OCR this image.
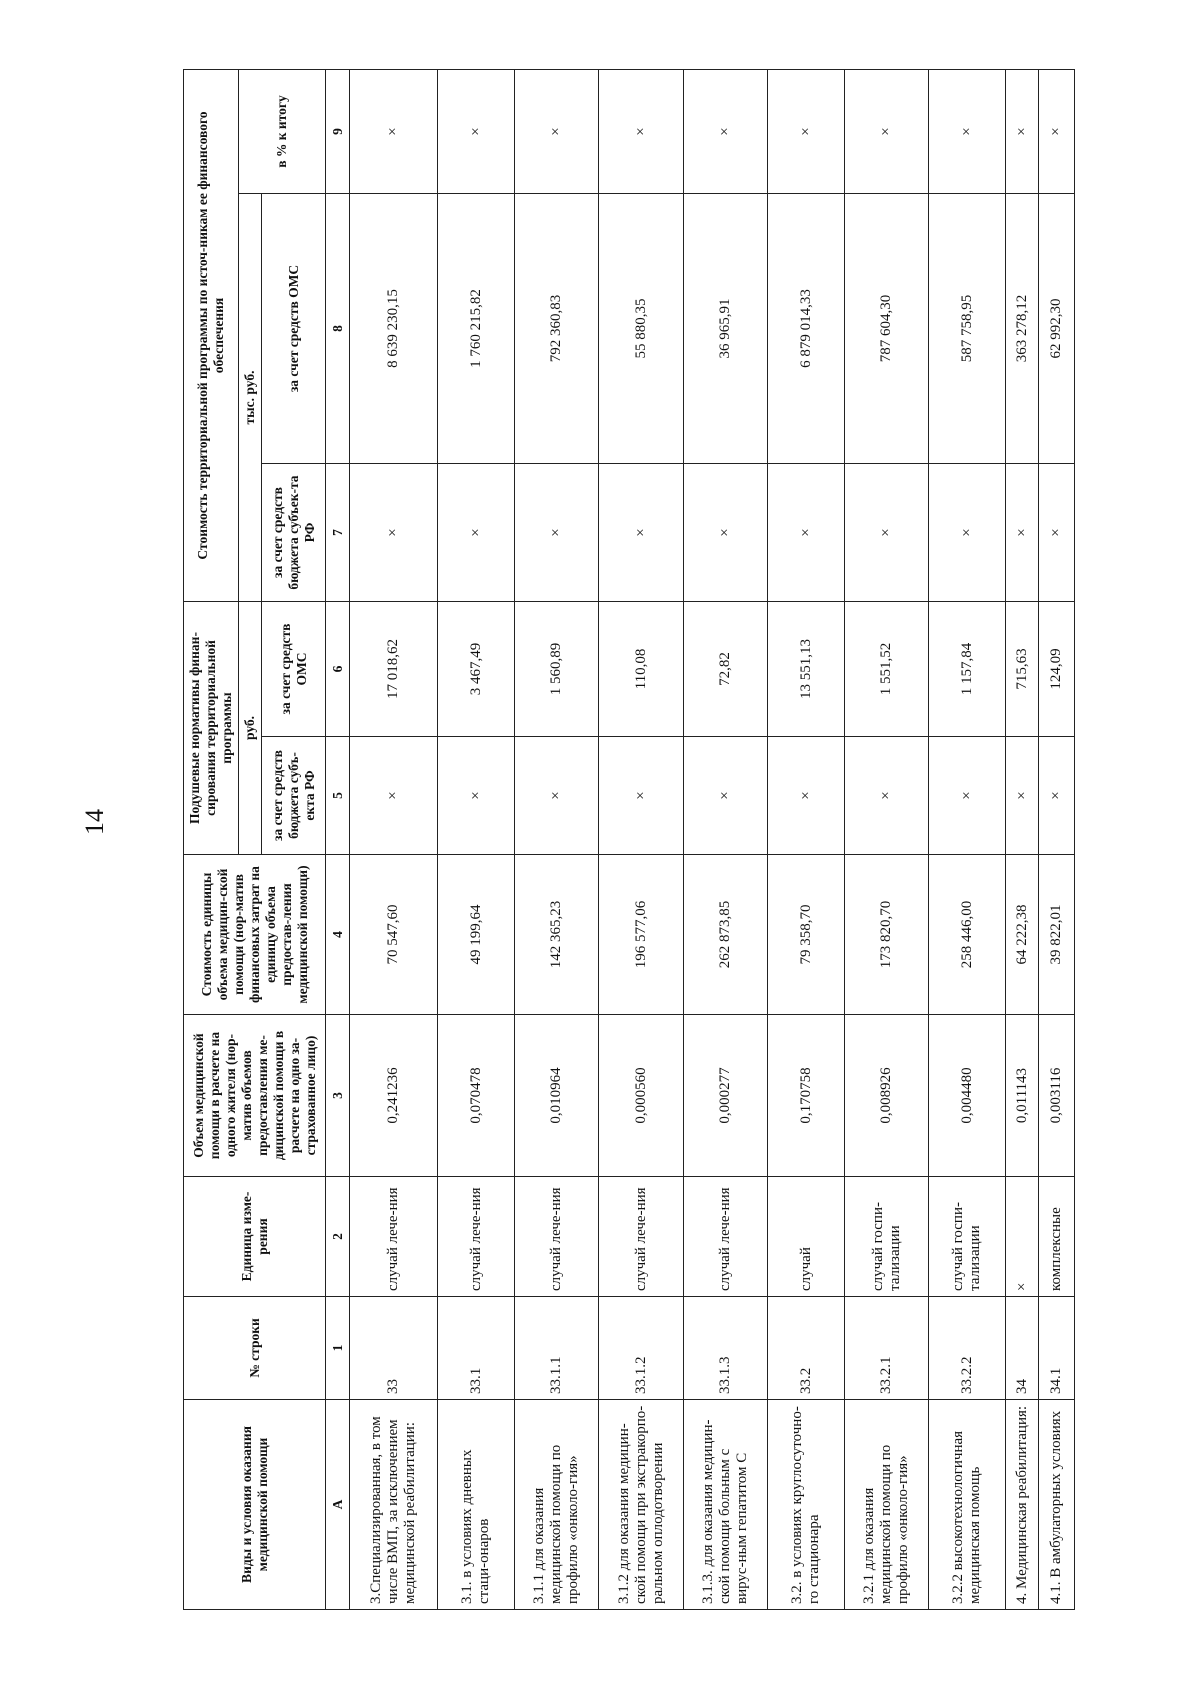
14
Виды и условия оказания медицинской помощи	№ строки	Единица изме-рения	Объем медицинской помощи в расчете на одного жителя (нор-матив объемов предоставления ме-дицинской помощи в расчете на одно за-страхованное лицо)	Стоимость единицы объема медицин-ской помощи (нор-матив финансовых затрат на единицу объема предостав-ления медицинской помощи)	Подушевые нормативы финан-сирования территориальной программы		Стоимость территориальной программы по источ-никам ее финансового обеспечения		
					руб.		тыс. руб.		в % к итогу
					за счет средств бюджета субъ-екта РФ	за счет средств ОМС	за счет средств бюджета субъек-та РФ	за счет средств ОМС	
А	1	2	3	4	5	6	7	8	9
3.Специализированная, в том числе ВМП, за исключением медицинской реабилитации:	33	случай лече-ния	0,241236	70 547,60	×	17 018,62	×	8 639 230,15	×
3.1. в условиях дневных стаци-онаров	33.1	случай лече-ния	0,070478	49 199,64	×	3 467,49	×	1 760 215,82	×
3.1.1 для оказания медицинской помощи по профилю «онколо-гия»	33.1.1	случай лече-ния	0,010964	142 365,23	×	1 560,89	×	792 360,83	×
3.1.2 для оказания медицин-ской помощи при экстракорпо-ральном оплодотворении	33.1.2	случай лече-ния	0,000560	196 577,06	×	110,08	×	55 880,35	×
3.1.3. для оказания медицин-ской помощи больным с вирус-ным гепатитом С	33.1.3	случай лече-ния	0,000277	262 873,85	×	72,82	×	36 965,91	×
3.2. в условиях круглосуточно-го стационара	33.2	случай	0,170758	79 358,70	×	13 551,13	×	6 879 014,33	×
3.2.1 для оказания медицинской помощи по профилю «онколо-гия»	33.2.1	случай госпи-тализации	0,008926	173 820,70	×	1 551,52	×	787 604,30	×
3.2.2 высокотехнологичная медицинская помощь	33.2.2	случай госпи-тализации	0,004480	258 446,00	×	1 157,84	×	587 758,95	×
4. Медицинская реабилитация:	34	×	0,011143	64 222,38	×	715,63	×	363 278,12	×
4.1. В амбулаторных условиях	34.1	комплексные	0,003116	39 822,01	×	124,09	×	62 992,30	×
